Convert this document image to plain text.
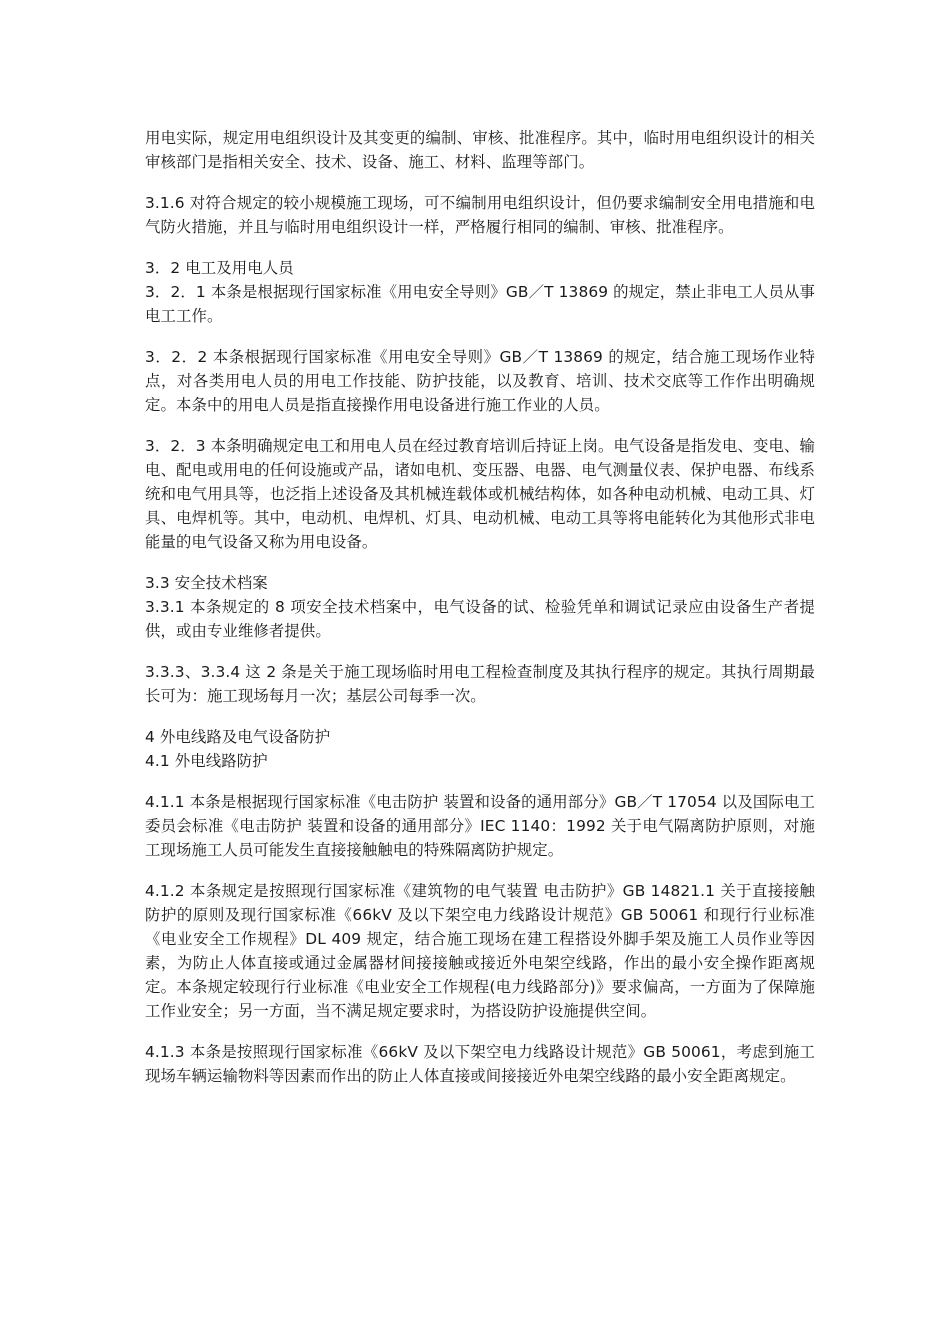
用电实际，规定用电组织设计及其变更的编制、审核、批准程序。其中，临时用电组织设计的相关审核部门是指相关安全、技术、设备、施工、材料、监理等部门。

3.1.6 对符合规定的较小规模施工现场，可不编制用电组织设计，但仍要求编制安全用电措施和电气防火措施，并且与临时用电组织设计一样，严格履行相同的编制、审核、批准程序。

3．2 电工及用电人员

3．2．1 本条是根据现行国家标准《用电安全导则》GB／T 13869 的规定，禁止非电工人员从事电工工作。

3．2．2 本条根据现行国家标准《用电安全导则》GB／T 13869 的规定，结合施工现场作业特点，对各类用电人员的用电工作技能、防护技能，以及教育、培训、技术交底等工作作出明确规定。本条中的用电人员是指直接操作用电设备进行施工作业的人员。

3．2．3 本条明确规定电工和用电人员在经过教育培训后持证上岗。电气设备是指发电、变电、输电、配电或用电的任何设施或产品，诸如电机、变压器、电器、电气测量仪表、保护电器、布线系统和电气用具等，也泛指上述设备及其机械连载体或机械结构体，如各种电动机械、电动工具、灯具、电焊机等。其中，电动机、电焊机、灯具、电动机械、电动工具等将电能转化为其他形式非电能量的电气设备又称为用电设备。

3.3 安全技术档案

3.3.1 本条规定的 8 项安全技术档案中，电气设备的试、检验凭单和调试记录应由设备生产者提供，或由专业维修者提供。

3.3.3、3.3.4 这 2 条是关于施工现场临时用电工程检查制度及其执行程序的规定。其执行周期最长可为：施工现场每月一次；基层公司每季一次。

4 外电线路及电气设备防护

4.1 外电线路防护

4.1.1 本条是根据现行国家标准《电击防护 装置和设备的通用部分》GB／T 17054 以及国际电工委员会标准《电击防护 装置和设备的通用部分》IEC 1140：1992 关于电气隔离防护原则，对施工现场施工人员可能发生直接接触触电的特殊隔离防护规定。

4.1.2 本条规定是按照现行国家标准《建筑物的电气装置 电击防护》GB 14821.1 关于直接接触防护的原则及现行国家标准《66kV 及以下架空电力线路设计规范》GB 50061 和现行行业标准《电业安全工作规程》DL 409 规定，结合施工现场在建工程搭设外脚手架及施工人员作业等因素，为防止人体直接或通过金属器材间接接触或接近外电架空线路，作出的最小安全操作距离规定。本条规定较现行行业标准《电业安全工作规程(电力线路部分)》要求偏高，一方面为了保障施工作业安全；另一方面，当不满足规定要求时，为搭设防护设施提供空间。

4.1.3 本条是按照现行国家标准《66kV 及以下架空电力线路设计规范》GB 50061，考虑到施工现场车辆运输物料等因素而作出的防止人体直接或间接接近外电架空线路的最小安全距离规定。
